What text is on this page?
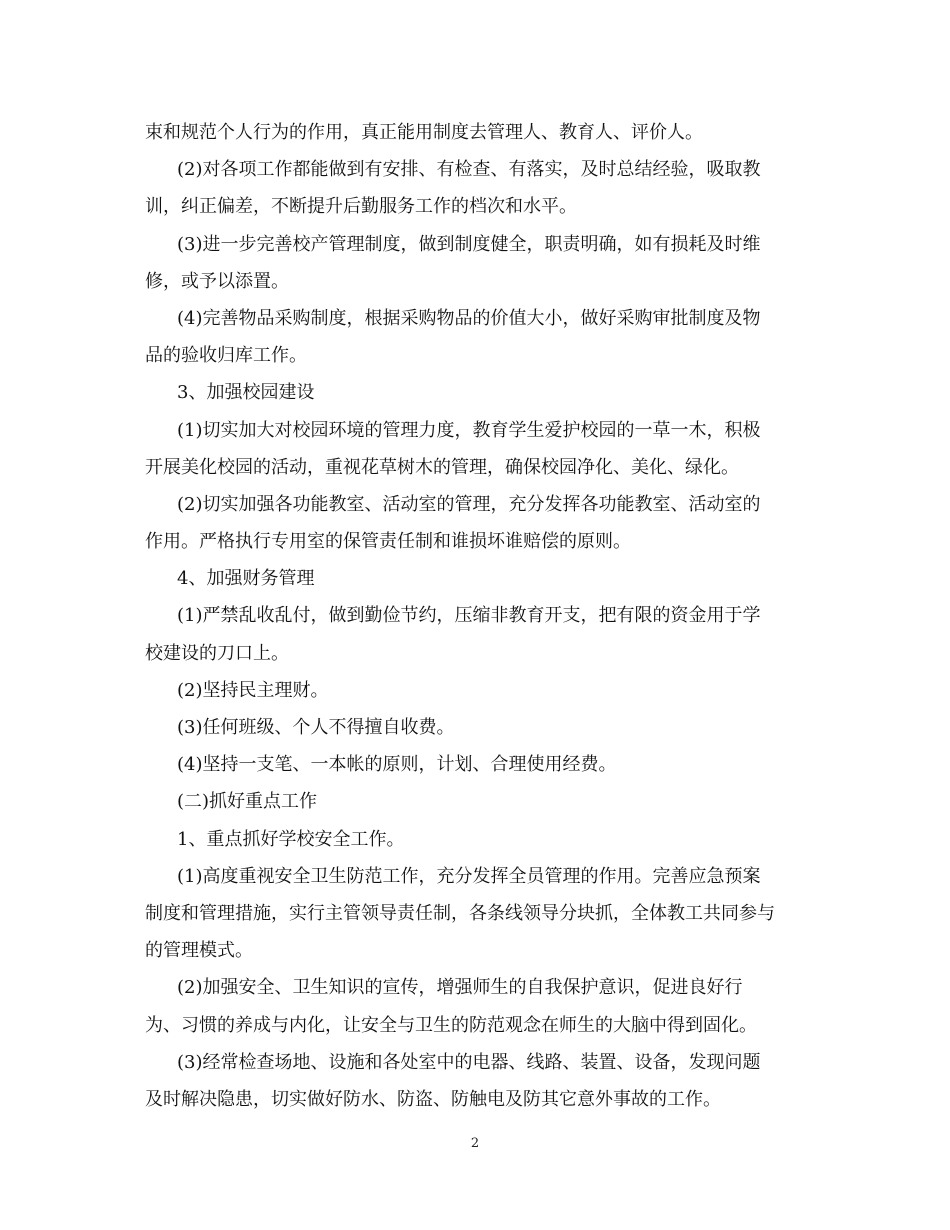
束和规范个人行为的作用，真正能用制度去管理人、教育人、评价人。
(2)对各项工作都能做到有安排、有检查、有落实，及时总结经验，吸取教
训，纠正偏差，不断提升后勤服务工作的档次和水平。
(3)进一步完善校产管理制度，做到制度健全，职责明确，如有损耗及时维
修，或予以添置。
(4)完善物品采购制度，根据采购物品的价值大小，做好采购审批制度及物
品的验收归库工作。
3、加强校园建设
(1)切实加大对校园环境的管理力度，教育学生爱护校园的一草一木，积极
开展美化校园的活动，重视花草树木的管理，确保校园净化、美化、绿化。
(2)切实加强各功能教室、活动室的管理，充分发挥各功能教室、活动室的
作用。严格执行专用室的保管责任制和谁损坏谁赔偿的原则。
4、加强财务管理
(1)严禁乱收乱付，做到勤俭节约，压缩非教育开支，把有限的资金用于学
校建设的刀口上。
(2)坚持民主理财。
(3)任何班级、个人不得擅自收费。
(4)坚持一支笔、一本帐的原则，计划、合理使用经费。
(二)抓好重点工作
1、重点抓好学校安全工作。
(1)高度重视安全卫生防范工作，充分发挥全员管理的作用。完善应急预案
制度和管理措施，实行主管领导责任制，各条线领导分块抓，全体教工共同参与
的管理模式。
(2)加强安全、卫生知识的宣传，增强师生的自我保护意识，促进良好行
为、习惯的养成与内化，让安全与卫生的防范观念在师生的大脑中得到固化。
(3)经常检查场地、设施和各处室中的电器、线路、装置、设备，发现问题
及时解决隐患，切实做好防水、防盗、防触电及防其它意外事故的工作。
2
